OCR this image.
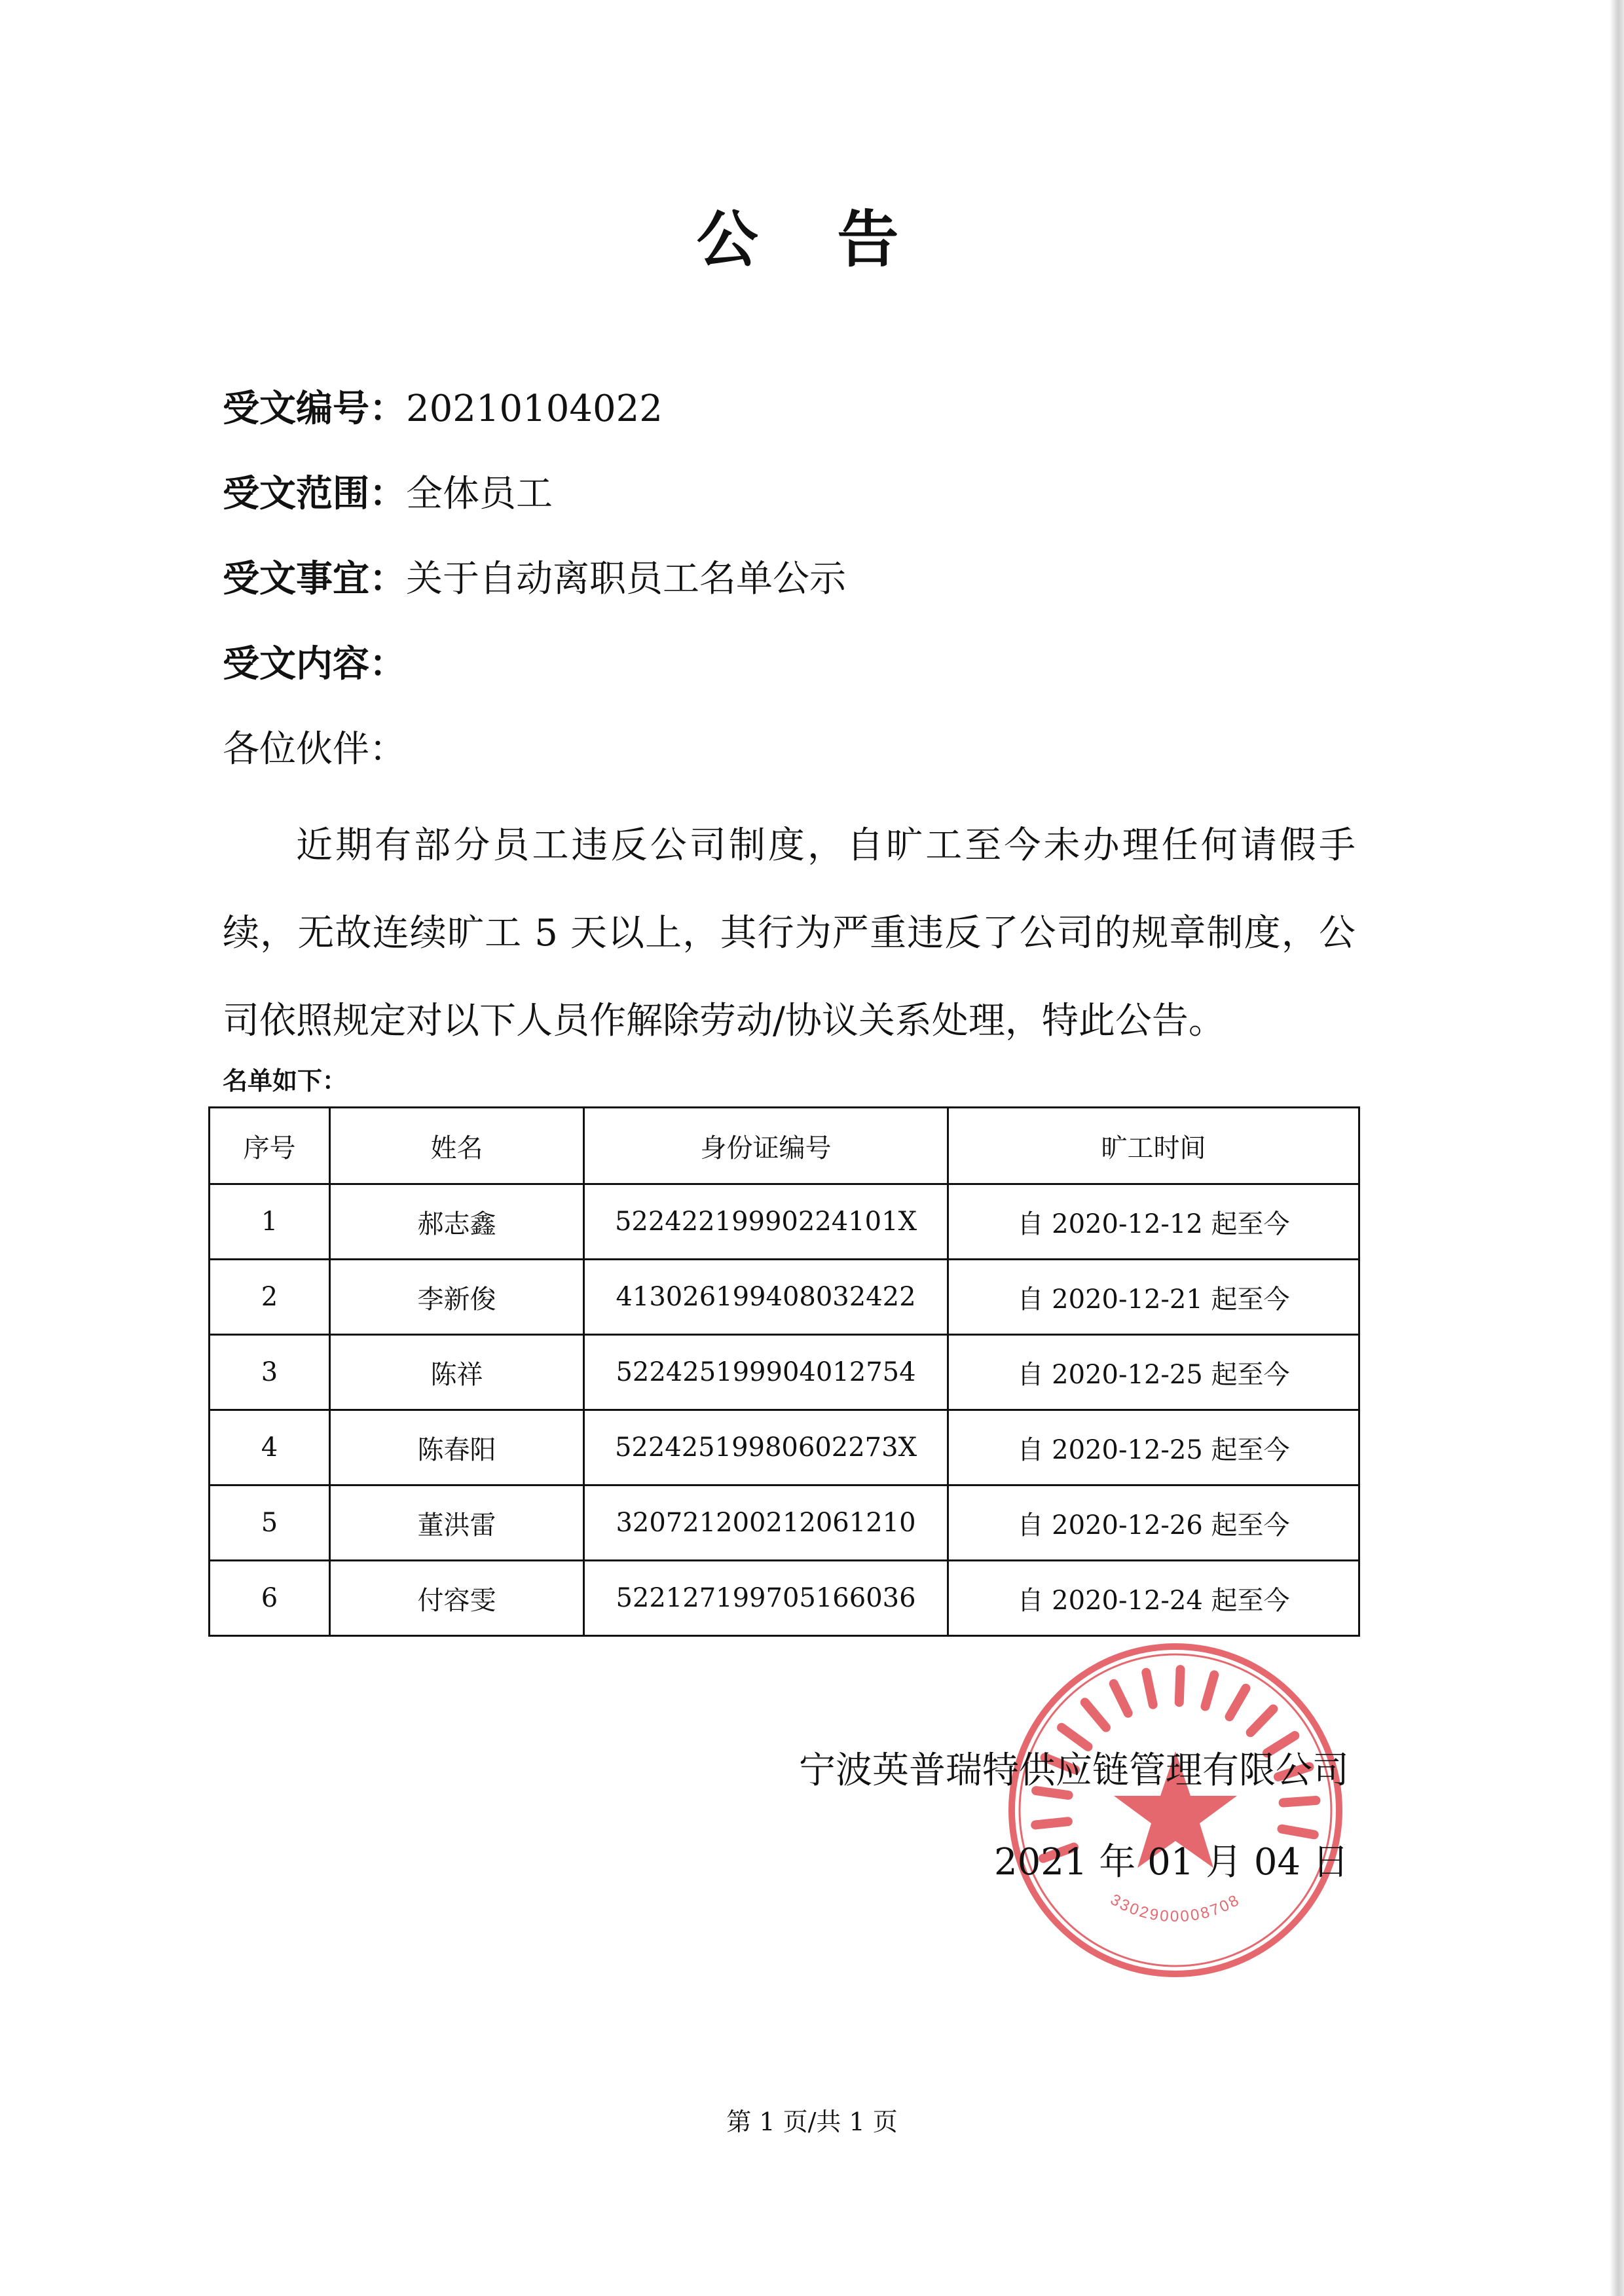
公 告
受文编号：20210104022
受文范围：全体员工
受文事宜：关于自动离职员工名单公示
受文内容：
各位伙伴：
近期有部分员工违反公司制度，自旷工至今未办理任何请假手续，无故连续旷工 5 天以上，其行为严重违反了公司的规章制度，公司依照规定对以下人员作解除劳动/协议关系处理，特此公告。
名单如下：
序号	姓名	身份证编号	旷工时间
1	郝志鑫	52242219990224101X	自 2020-12-12 起至今
2	李新俊	413026199408032422	自 2020-12-21 起至今
3	陈祥	522425199904012754	自 2020-12-25 起至今
4	陈春阳	52242519980602273X	自 2020-12-25 起至今
5	董洪雷	320721200212061210	自 2020-12-26 起至今
6	付容雯	522127199705166036	自 2020-12-24 起至今
3302900008708
宁波英普瑞特供应链管理有限公司
2021 年 01 月 04 日
第 1 页/共 1 页
